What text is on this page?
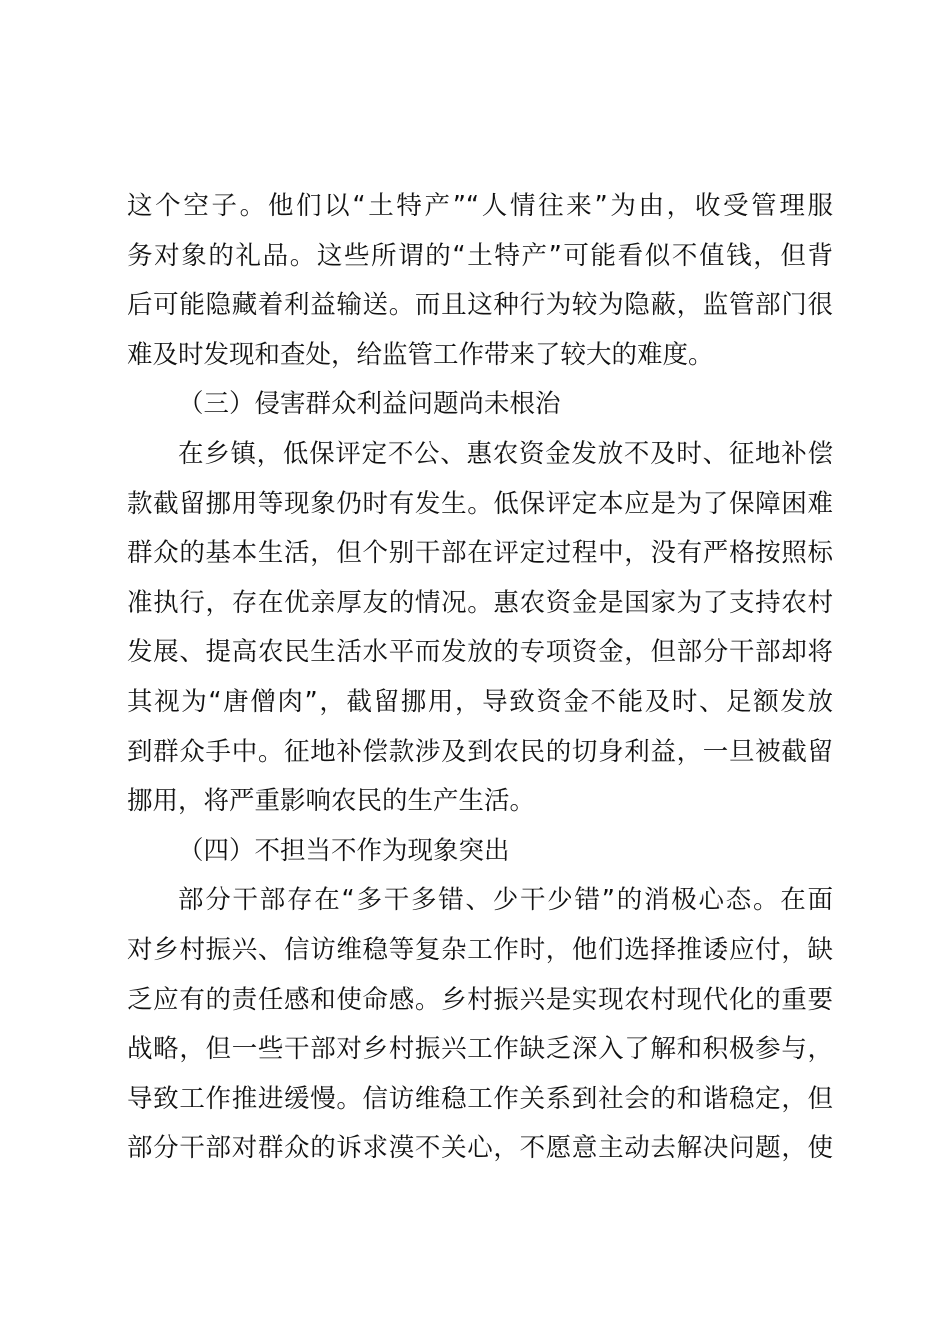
这个空子。他们以“土特产”“人情往来”为由，收受管理服
务对象的礼品。这些所谓的“土特产”可能看似不值钱，但背
后可能隐藏着利益输送。而且这种行为较为隐蔽，监管部门很
难及时发现和查处，给监管工作带来了较大的难度。
（三）侵害群众利益问题尚未根治
在乡镇，低保评定不公、惠农资金发放不及时、征地补偿
款截留挪用等现象仍时有发生。低保评定本应是为了保障困难
群众的基本生活，但个别干部在评定过程中，没有严格按照标
准执行，存在优亲厚友的情况。惠农资金是国家为了支持农村
发展、提高农民生活水平而发放的专项资金，但部分干部却将
其视为“唐僧肉”，截留挪用，导致资金不能及时、足额发放
到群众手中。征地补偿款涉及到农民的切身利益，一旦被截留
挪用，将严重影响农民的生产生活。
（四）不担当不作为现象突出
部分干部存在“多干多错、少干少错”的消极心态。在面
对乡村振兴、信访维稳等复杂工作时，他们选择推诿应付，缺
乏应有的责任感和使命感。乡村振兴是实现农村现代化的重要
战略，但一些干部对乡村振兴工作缺乏深入了解和积极参与，
导致工作推进缓慢。信访维稳工作关系到社会的和谐稳定，但
部分干部对群众的诉求漠不关心，不愿意主动去解决问题，使
